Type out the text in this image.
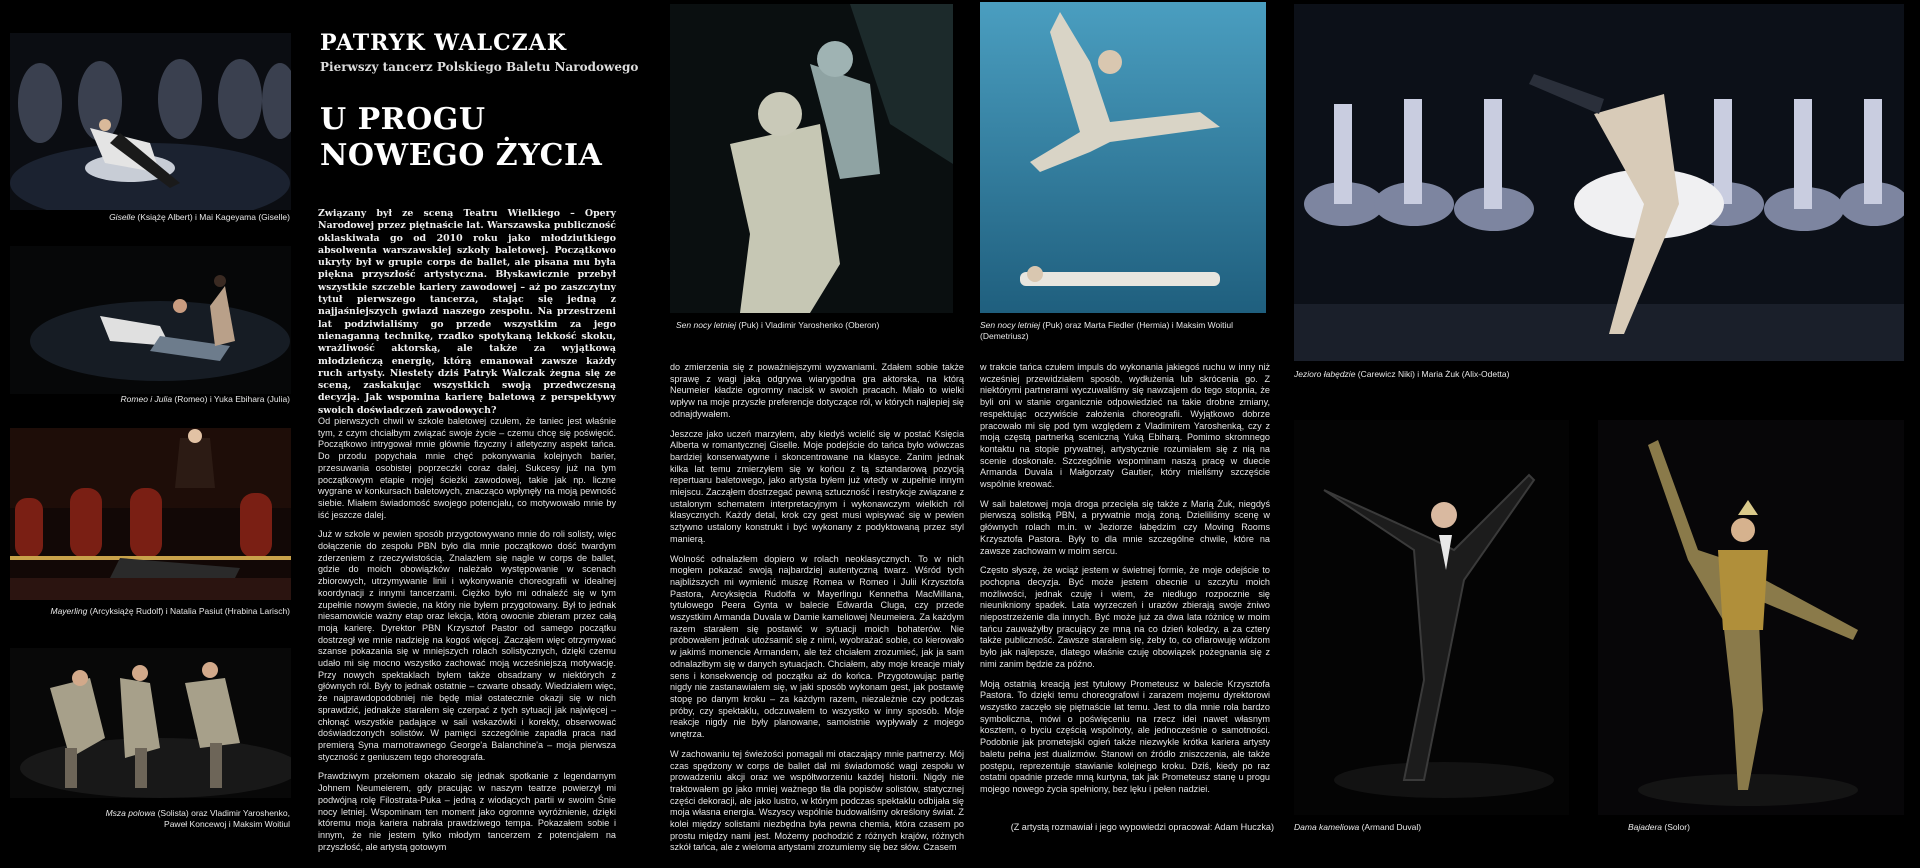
Giselle (Książę Albert) i Mai Kageyama (Giselle)
Romeo i Julia (Romeo) i Yuka Ebihara (Julia)
Mayerling (Arcyksiążę Rudolf) i Natalia Pasiut (Hrabina Larisch)
Msza polowa (Solista) oraz Vladimir Yaroshenko,
Paweł Koncewoj i Maksim Woitiul
PATRYK WALCZAK
Pierwszy tancerz Polskiego Baletu Narodowego
U PROGU
NOWEGO ŻYCIA
Związany był ze sceną Teatru Wielkiego – Opery Narodowej przez piętnaście lat. Warszawska publiczność oklaskiwała go od 2010 roku jako młodziutkiego absolwenta warszawskiej szkoły baletowej. Początkowo ukryty był w grupie corps de ballet, ale pisana mu była piękna przyszłość artystyczna. Błyskawicznie przebył wszystkie szczeble kariery zawodowej – aż po zaszczytny tytuł pierwszego tancerza, stając się jedną z najjaśniejszych gwiazd naszego zespołu. Na przestrzeni lat podziwialiśmy go przede wszystkim za jego nienaganną technikę, rzadko spotykaną lekkość skoku, wrażliwość aktorską, ale także za wyjątkową młodzieńczą energię, którą emanował zawsze każdy ruch artysty. Niestety dziś Patryk Walczak żegna się ze sceną, zaskakując wszystkich swoją przedwczesną decyzją. Jak wspomina karierę baletową z perspektywy swoich doświadczeń zawodowych?

Od pierwszych chwil w szkole baletowej czułem, że taniec jest właśnie tym, z czym chciałbym związać swoje życie – czemu chcę się poświęcić. Początkowo intrygował mnie głównie fizyczny i atletyczny aspekt tańca. Do przodu popychała mnie chęć pokonywania kolejnych barier, przesuwania osobistej poprzeczki coraz dalej. Sukcesy już na tym początkowym etapie mojej ścieżki zawodowej, takie jak np. liczne wygrane w konkursach baletowych, znacząco wpłynęły na moją pewność siebie. Miałem świadomość swojego potencjału, co motywowało mnie by iść jeszcze dalej.

Już w szkole w pewien sposób przygotowywano mnie do roli solisty, więc dołączenie do zespołu PBN było dla mnie początkowo dość twardym zderzeniem z rzeczywistością. Znalazłem się nagle w corps de ballet, gdzie do moich obowiązków należało występowanie w scenach zbiorowych, utrzymywanie linii i wykonywanie choreografii w idealnej koordynacji z innymi tancerzami. Ciężko było mi odnaleźć się w tym zupełnie nowym świecie, na który nie byłem przygotowany. Był to jednak niesamowicie ważny etap oraz lekcja, którą owocnie zbieram przez całą moją karierę. Dyrektor PBN Krzysztof Pastor od samego początku dostrzegł we mnie nadzieję na kogoś więcej. Zacząłem więc otrzymywać szanse pokazania się w mniejszych rolach solistycznych, dzięki czemu udało mi się mocno wszystko zachować moją wcześniejszą motywację. Przy nowych spektaklach byłem także obsadzany w niektórych z głównych ról. Były to jednak ostatnie – czwarte obsady. Wiedziałem więc, że najprawdopodobniej nie będę miał ostatecznie okazji się w nich sprawdzić, jednakże starałem się czerpać z tych sytuacji jak najwięcej – chłonąć wszystkie padające w sali wskazówki i korekty, obserwować doświadczonych solistów. W pamięci szczególnie zapadła praca nad premierą Syna marnotrawnego George'a Balanchine'a – moja pierwsza styczność z geniuszem tego choreografa.

Prawdziwym przełomem okazało się jednak spotkanie z legendarnym Johnem Neumeierem, gdy pracując w naszym teatrze powierzył mi podwójną rolę Filostrata-Puka – jedną z wiodących partii w swoim Śnie nocy letniej. Wspominam ten moment jako ogromne wyróżnienie, dzięki któremu moja kariera nabrała prawdziwego tempa. Pokazałem sobie i innym, że nie jestem tylko młodym tancerzem z potencjałem na przyszłość, ale artystą gotowym

Sen nocy letniej (Puk) i Vladimir Yaroshenko (Oberon)	Sen nocy letniej (Puk) oraz Marta Fiedler (Hermia) i Maksim Woitiul (Demetriusz)

do zmierzenia się z poważniejszymi wyzwaniami. Zdałem sobie także sprawę z wagi jaką odgrywa wiarygodna gra aktorska, na którą Neumeier kładzie ogromny nacisk w swoich pracach. Miało to wielki wpływ na moje przyszłe preferencje dotyczące ról, w których najlepiej się odnajdywałem.

Jeszcze jako uczeń marzyłem, aby kiedyś wcielić się w postać Księcia Alberta w romantycznej Giselle. Moje podejście do tańca było wówczas bardziej konserwatywne i skoncentrowane na klasyce. Zanim jednak kilka lat temu zmierzyłem się w końcu z tą sztandarową pozycją repertuaru baletowego, jako artysta byłem już wtedy w zupełnie innym miejscu. Zacząłem dostrzegać pewną sztuczność i restrykcje związane z ustalonym schematem interpretacyjnym i wykonawczym wielkich ról klasycznych. Każdy detal, krok czy gest musi wpisywać się w pewien sztywno ustalony konstrukt i być wykonany z podyktowaną przez styl manierą.

Wolność odnalazłem dopiero w rolach neoklasycznych. To w nich mogłem pokazać swoją najbardziej autentyczną twarz. Wśród tych najbliższych mi wymienić muszę Romea w Romeo i Julii Krzysztofa Pastora, Arcyksięcia Rudolfa w Mayerlingu Kennetha MacMillana, tytułowego Peera Gynta w balecie Edwarda Cluga, czy przede wszystkim Armanda Duvala w Damie kameliowej Neumeiera. Za każdym razem starałem się postawić w sytuacji moich bohaterów. Nie próbowałem jednak utożsamić się z nimi, wyobrażać sobie, co kierowało w jakimś momencie Armandem, ale też chciałem zrozumieć, jak ja sam odnalazłbym się w danych sytuacjach. Chciałem, aby moje kreacje miały sens i konsekwencję od początku aż do końca. Przygotowując partię nigdy nie zastanawiałem się, w jaki sposób wykonam gest, jak postawię stopę po danym kroku – za każdym razem, niezależnie czy podczas próby, czy spektaklu, odczuwałem to wszystko w inny sposób. Moje reakcje nigdy nie były planowane, samoistnie wypływały z mojego wnętrza.

W zachowaniu tej świeżości pomagali mi otaczający mnie partnerzy. Mój czas spędzony w corps de ballet dał mi świadomość wagi zespołu w prowadzeniu akcji oraz we współtworzeniu każdej historii. Nigdy nie traktowałem go jako mniej ważnego tła dla popisów solistów, statycznej części dekoracji, ale jako lustro, w którym podczas spektaklu odbijała się moja własna energia. Wszyscy wspólnie budowaliśmy określony świat. Z kolei między solistami niezbędna była pewna chemia, która czasem po prostu między nami jest. Możemy pochodzić z różnych krajów, różnych szkół tańca, ale z wieloma artystami zrozumiemy się bez słów. Czasem

w trakcie tańca czułem impuls do wykonania jakiegoś ruchu w inny niż wcześniej przewidziałem sposób, wydłużenia lub skrócenia go. Z niektórymi partnerami wyczuwaliśmy się nawzajem do tego stopnia, że byli oni w stanie organicznie odpowiedzieć na takie drobne zmiany, respektując oczywiście założenia choreografii. Wyjątkowo dobrze pracowało mi się pod tym względem z Vladimirem Yaroshenką, czy z moją częstą partnerką sceniczną Yuką Ebiharą. Pomimo skromnego kontaktu na stopie prywatnej, artystycznie rozumiałem się z nią na scenie doskonale. Szczególnie wspominam naszą pracę w duecie Armanda Duvala i Małgorzaty Gautier, który mieliśmy szczęście wspólnie kreować.

W sali baletowej moja droga przecięła się także z Marią Żuk, niegdyś pierwszą solistką PBN, a prywatnie moją żoną. Dzieliliśmy scenę w głównych rolach m.in. w Jeziorze łabędzim czy Moving Rooms Krzysztofa Pastora. Były to dla mnie szczególne chwile, które na zawsze zachowam w moim sercu.

Często słyszę, że wciąż jestem w świetnej formie, że moje odejście to pochopna decyzja. Być może jestem obecnie u szczytu moich możliwości, jednak czuję i wiem, że niedługo rozpocznie się nieunikniony spadek. Lata wyrzeczeń i urazów zbierają swoje żniwo niepostrzeżenie dla innych. Być może już za dwa lata różnicę w moim tańcu zauważyłby pracujący ze mną na co dzień koledzy, a za cztery także publiczność. Zawsze starałem się, żeby to, co ofiarowuję widzom było jak najlepsze, dlatego właśnie czuję obowiązek pożegnania się z nimi zanim będzie za późno.

Moją ostatnią kreacją jest tytułowy Prometeusz w balecie Krzysztofa Pastora. To dzięki temu choreografowi i zarazem mojemu dyrektorowi wszystko zaczęło się piętnaście lat temu. Jest to dla mnie rola bardzo symboliczna, mówi o poświęceniu na rzecz idei nawet własnym kosztem, o byciu częścią wspólnoty, ale jednocześnie o samotności. Podobnie jak prometejski ogień także niezwykle krótka kariera artysty baletu pełna jest dualizmów. Stanowi on źródło zniszczenia, ale także postępu, reprezentuje stawianie kolejnego kroku. Dziś, kiedy po raz ostatni opadnie przede mną kurtyna, tak jak Prometeusz stanę u progu mojego nowego życia spełniony, bez lęku i pełen nadziei.

(Z artystą rozmawiał i jego wypowiedzi opracował: Adam Huczka)
Jezioro łabędzie (Carewicz Niki) i Maria Żuk (Alix-Odetta)
Dama kameliowa (Armand Duval)	Bajadera (Solor)
